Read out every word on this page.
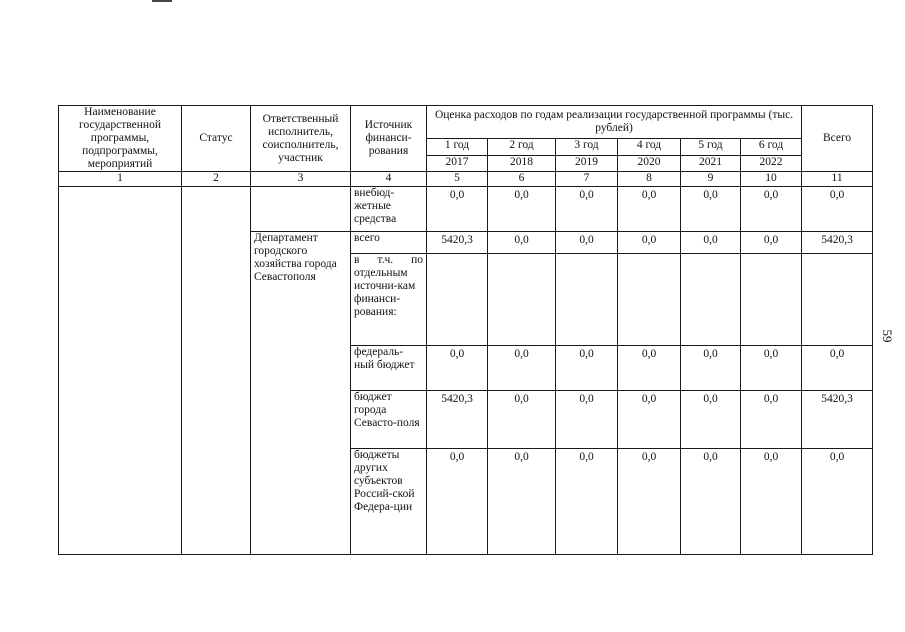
59
Наименование государственной программы, подпрограммы, мероприятий	Статус	Ответственный исполнитель, соисполнитель, участник	Источник финанси-рования	Оценка расходов по годам реализации государственной программы (тыс. рублей)						Всего
				1 год	2 год	3 год	4 год	5 год	6 год	
				2017	2018	2019	2020	2021	2022	
1	2	3	4	5	6	7	8	9	10	11
			внебюд-жетные средства	0,0	0,0	0,0	0,0	0,0	0,0	0,0
		Департамент городского хозяйства города Севастополя	всего	5420,3	0,0	0,0	0,0	0,0	0,0	5420,3
			в т.ч. по отдельным источни-кам финанси-рования:							
			федераль-ный бюджет	0,0	0,0	0,0	0,0	0,0	0,0	0,0
			бюджет города Севасто-поля	5420,3	0,0	0,0	0,0	0,0	0,0	5420,3
			бюджеты других субъектов Россий-ской Федера-ции	0,0	0,0	0,0	0,0	0,0	0,0	0,0
